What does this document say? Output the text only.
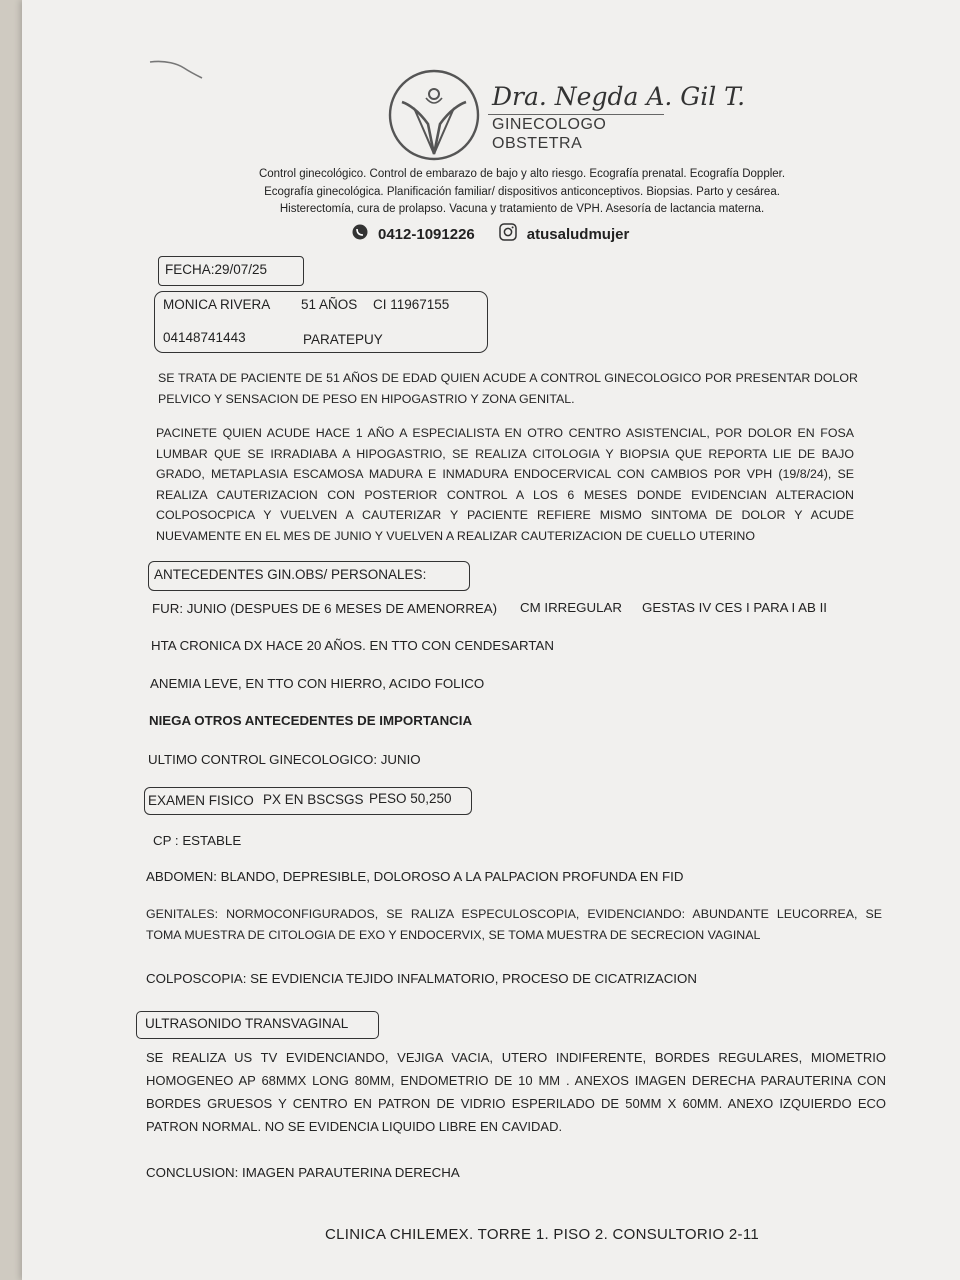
Dra. Negda A. Gil T.
GINECOLOGO
OBSTETRA
Control ginecológico. Control de embarazo de bajo y alto riesgo. Ecografía prenatal. Ecografía Doppler.
Ecografía ginecológica. Planificación familiar/ dispositivos anticonceptivos. Biopsias. Parto y cesárea.
Histerectomía, cura de prolapso. Vacuna y tratamiento de VPH. Asesoría de lactancia materna.
0412-1091226	atusaludmujer
FECHA:29/07/25
MONICA RIVERA 51 AÑOS CI 11967155
04148741443	PARATEPUY
SE TRATA DE PACIENTE DE 51 AÑOS DE EDAD QUIEN ACUDE A CONTROL GINECOLOGICO POR PRESENTAR DOLOR PELVICO Y SENSACION DE PESO EN HIPOGASTRIO Y ZONA GENITAL.
PACINETE QUIEN ACUDE HACE 1 AÑO A ESPECIALISTA EN OTRO CENTRO ASISTENCIAL, POR DOLOR EN FOSA LUMBAR QUE SE IRRADIABA A HIPOGASTRIO, SE REALIZA CITOLOGIA Y BIOPSIA QUE REPORTA LIE DE BAJO GRADO, METAPLASIA ESCAMOSA MADURA E INMADURA ENDOCERVICAL CON CAMBIOS POR VPH (19/8/24), SE REALIZA CAUTERIZACION CON POSTERIOR CONTROL A LOS 6 MESES DONDE EVIDENCIAN ALTERACION COLPOSOCPICA Y VUELVEN A CAUTERIZAR Y PACIENTE REFIERE MISMO SINTOMA DE DOLOR Y ACUDE NUEVAMENTE EN EL MES DE JUNIO Y VUELVEN A REALIZAR CAUTERIZACION DE CUELLO UTERINO
ANTECEDENTES GIN.OBS/ PERSONALES:
FUR: JUNIO (DESPUES DE 6 MESES DE AMENORREA) CM IRREGULAR GESTAS IV CES I PARA I AB II
HTA CRONICA DX HACE 20 AÑOS. EN TTO CON CENDESARTAN
ANEMIA LEVE, EN TTO CON HIERRO, ACIDO FOLICO
NIEGA OTROS ANTECEDENTES DE IMPORTANCIA
ULTIMO CONTROL GINECOLOGICO: JUNIO
EXAMEN FISICO PX EN BSCSGS PESO 50,250
CP : ESTABLE
ABDOMEN: BLANDO, DEPRESIBLE, DOLOROSO A LA PALPACION PROFUNDA EN FID
GENITALES: NORMOCONFIGURADOS, SE RALIZA ESPECULOSCOPIA, EVIDENCIANDO: ABUNDANTE LEUCORREA, SE TOMA MUESTRA DE CITOLOGIA DE EXO Y ENDOCERVIX, SE TOMA MUESTRA DE SECRECION VAGINAL
COLPOSCOPIA: SE EVDIENCIA TEJIDO INFALMATORIO, PROCESO DE CICATRIZACION
ULTRASONIDO TRANSVAGINAL
SE REALIZA US TV EVIDENCIANDO, VEJIGA VACIA, UTERO INDIFERENTE, BORDES REGULARES, MIOMETRIO HOMOGENEO AP 68MMX LONG 80MM, ENDOMETRIO DE 10 MM . ANEXOS IMAGEN DERECHA PARAUTERINA CON BORDES GRUESOS Y CENTRO EN PATRON DE VIDRIO ESPERILADO DE 50MM X 60MM. ANEXO IZQUIERDO ECO PATRON NORMAL. NO SE EVIDENCIA LIQUIDO LIBRE EN CAVIDAD.
CONCLUSION: IMAGEN PARAUTERINA DERECHA
CLINICA CHILEMEX. TORRE 1. PISO 2. CONSULTORIO 2-11
